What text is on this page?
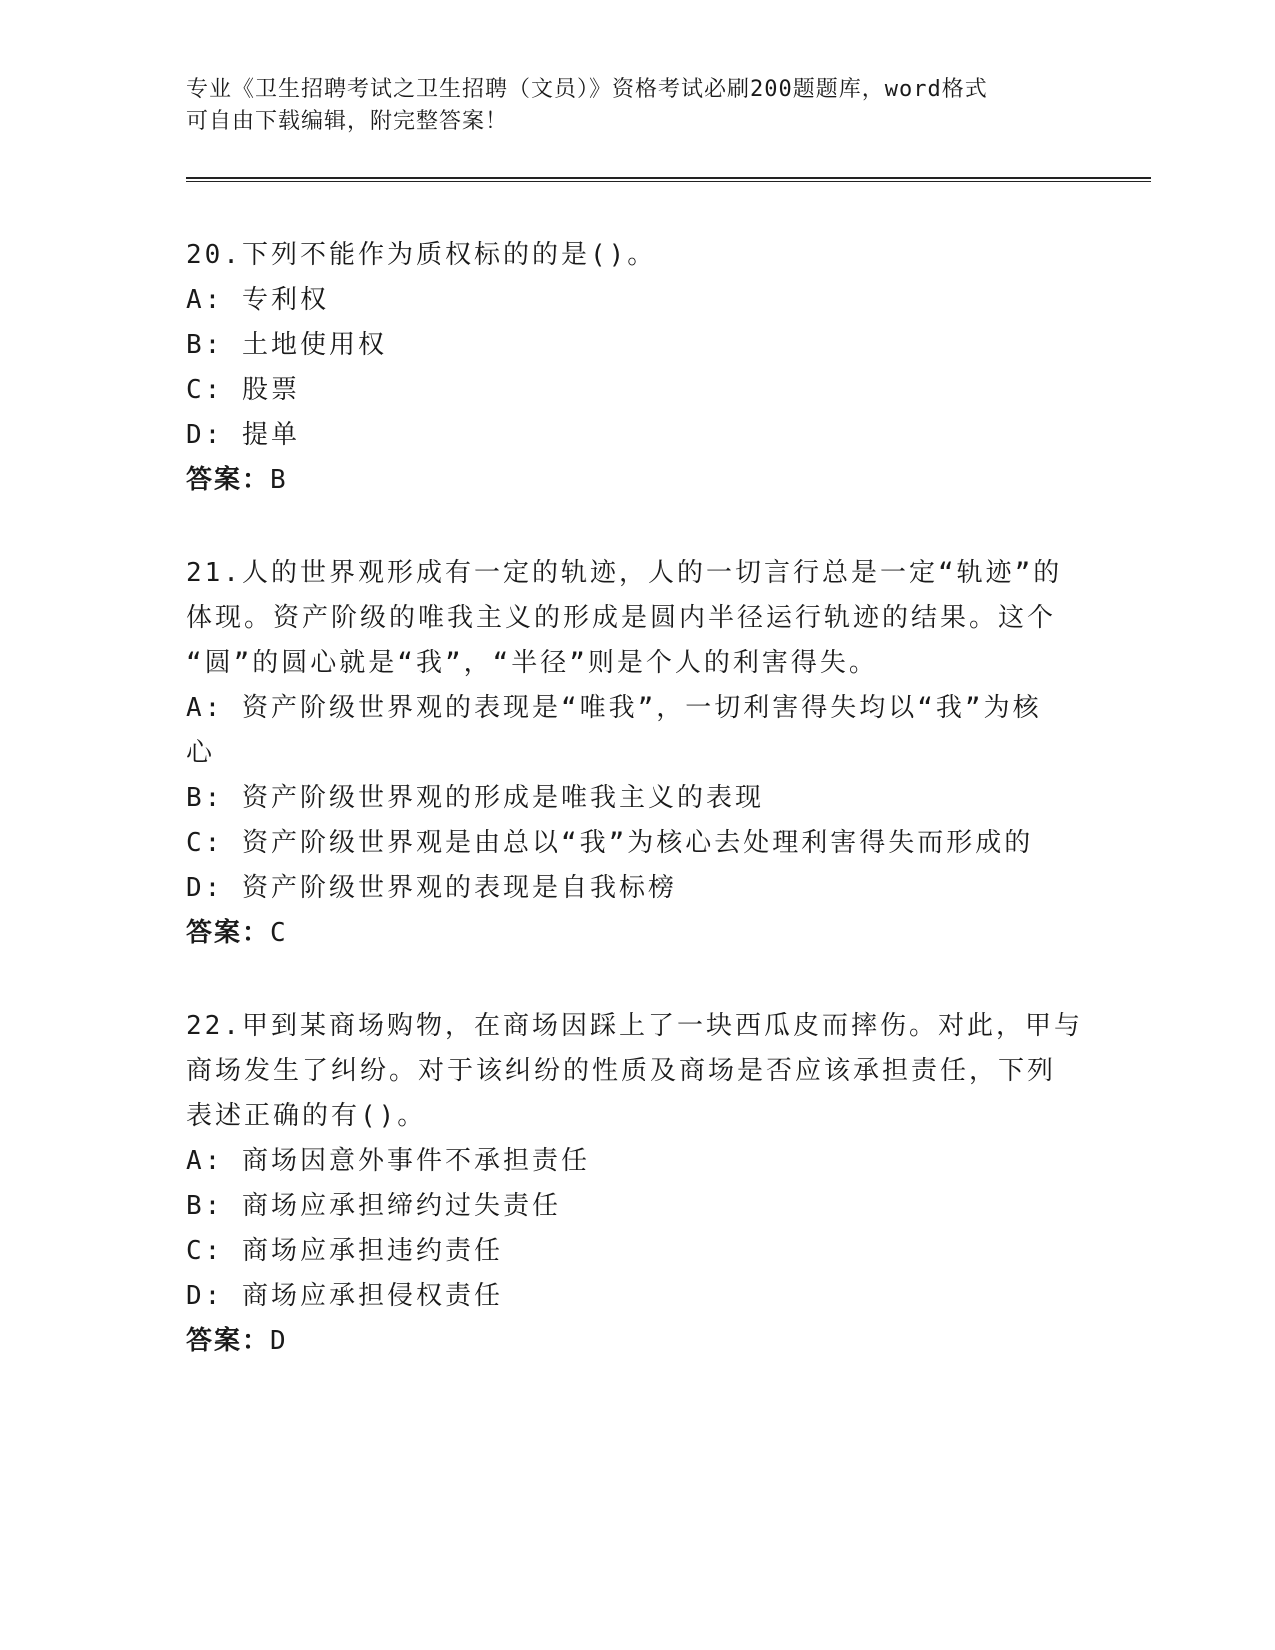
专业《卫生招聘考试之卫生招聘（文员）》资格考试必刷200题题库，word格式
可自由下载编辑，附完整答案！
20.下列不能作为质权标的的是()。
A: 专利权
B: 土地使用权
C: 股票
D: 提单
答案：B
21.人的世界观形成有一定的轨迹，人的一切言行总是一定“轨迹”的
体现。资产阶级的唯我主义的形成是圆内半径运行轨迹的结果。这个
“圆”的圆心就是“我”，“半径”则是个人的利害得失。
A: 资产阶级世界观的表现是“唯我”，一切利害得失均以“我”为核
心
B: 资产阶级世界观的形成是唯我主义的表现
C: 资产阶级世界观是由总以“我”为核心去处理利害得失而形成的
D: 资产阶级世界观的表现是自我标榜
答案：C
22.甲到某商场购物，在商场因踩上了一块西瓜皮而摔伤。对此，甲与
商场发生了纠纷。对于该纠纷的性质及商场是否应该承担责任，下列
表述正确的有()。
A: 商场因意外事件不承担责任
B: 商场应承担缔约过失责任
C: 商场应承担违约责任
D: 商场应承担侵权责任
答案：D
